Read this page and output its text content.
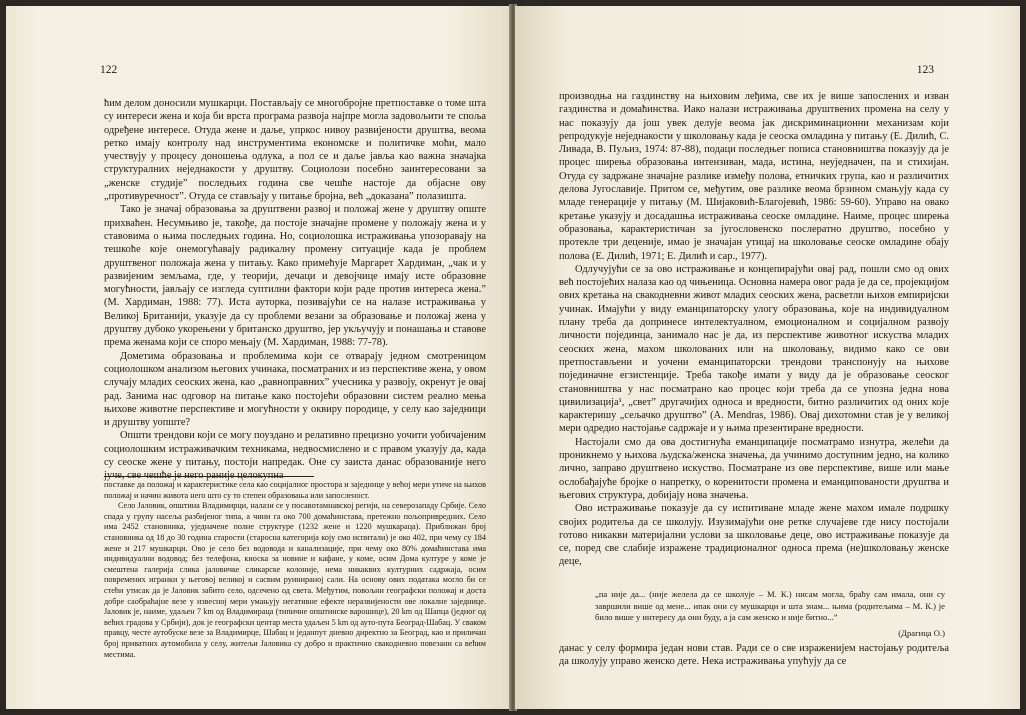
122

ћим делом доносили мушкарци. Постављају се многобројне претпоставке о томе шта су интереси жена и која би врста програма развоја најпре могла задовољити те споља одређене интересе. Отуда жене и даље, упркос нивоу развијености друштва, веома ретко имају контролу над инструментима економске и политичке моћи, мало учествују у процесу доношења одлука, а пол се и даље јавља као важна значајка структуралних неједнакости у друштву. Социолози посебно заинтересовани за „женске студије” последњих година све чешће настоје да објасне ову „противуречност”. Отуда се стављају у питање бројна, већ „доказана” полазишта.

Тако је значај образовања за друштвени развој и положај жене у друштву опште прихваћен. Несумњиво је, такође, да постоје значајне промене у положају жена и у ставовима о њима последњих година. Но, социолошка истраживања упозоравају на тешкоће које онемогућавају радикалну промену ситуације када је проблем друштвеног положаја жена у питању. Како примећује Маргарет Хардиман, „чак и у развијеним земљама, где, у теорији, дечаци и девојчице имају исте образовне могућности, јављају се изгледа суптилни фактори који раде против интереса жена.” (М. Хардиман, 1988: 77). Иста ауторка, позивајући се на налазе истраживања у Великој Британији, указује да су проблеми везани за образовање и положај жена у друштву дубоко укорењени у британско друштво, јер укључују и понашања и ставове према женама који се споро мењају (М. Хардиман, 1988: 77-78).

Дометима образовања и проблемима који се отварају једном смотреницом социолошком анализом његових учинака, посматраних и из перспективе жена, у овом случају младих сеоских жена, као „равноправних” учесника у развоју, окренут је овај рад. Занима нас одговор на питање како постојећи образовни систем реално мења њихове животне перспективе и могућности у оквиру породице, у селу као заједници и друштву уопште?

Општи трендови који се могу поуздано и релативно прецизно уочити уобичајеним социолошким истраживачким техникама, недвосмислено и с правом указују да, када су сеоске жене у питању, постоји напредак. Оне су заиста данас образованије него јуче, све чешће је него раније целокупна

поставке да положај и карактеристике села као социјалног простора и заједнице у већој мери утиче на њихов положај и начин живота него што су то степен образовања или запосленост.

Село Јаловик, општина Владимирци, налази се у посавотамнавској регији, на северозападу Србије. Село спада у групу насеља разбијеног типа, а чини га око 700 домаћинстава, претежно пољопривредних. Село има 2452 становника, уједначене полне структуре (1232 жене и 1220 мушкараца). Приближан број становника од 18 до 30 година старости (старосна категорија коју смо испитали) је око 402, при чему су 184 жене и 217 мушкарци. Ово је село без водовода и канализације, при чему око 80% домаћинстава има индивидуални водовод; без телефона, киоска за новине и кафане, у коме, осим Дома културе у коме је смештена галерија слика јаловичке сликарске колоније, нема никаквих културних садржаја, осим повремених игранки у његовој великој и сасвим руинираној сали. На основу ових података могло би се стећи утисак да је Јаловик забито село, одсечено од света. Међутим, повољни географски положај и доста добре саобраћајне везе у извесној мери умањују негативне ефекте неразвијености ове локалне заједнице. Јаловик је, наиме, удаљен 7 km од Владимираца (типичне општинске варошице), 20 km од Шапца (једног од већих градова у Србији), док је географски центар места удаљен 5 km од ауто-пута Београд-Шабац. У сваком правцу, честе аутобуске везе за Владимирце, Шабац и једанпут дневно директно за Београд, као и приличан број приватних аутомобила у селу, житељи Јаловика су добро и практично свакодневно повезани са већим местима.

123

производња на газдинству на њиховим леђима, све их је више запослених и изван газдинства и домаћинства. Иако налази истраживања друштвених промена на селу у нас показују да још увек делује веома јак дискриминационни механизам који репродукује неједнакости у школовању када је сеоска омладина у питању (Е. Дилић, С. Ливада, В. Пуљиз, 1974: 87-88), подаци последњег пописа становништва показују да је процес ширења образовања интензиван, мада, истина, неуједначен, па и стихијан. Отуда су задржане значајне разлике између полова, етничких група, као и различитих делова Југославије. Притом се, међутим, ове разлике веома брзином смањују када су младе генерације у питању (М. Шијаковић-Благојевић, 1986: 59-60). Управо на овако кретање указују и досадашња истраживања сеоске омладине. Наиме, процес ширења образовања, карактеристичан за југословенско послератно друштво, посебно у протекле три деценије, имао је значајан утицај на школовање сеоске омладине обају полова (Е. Дилић, 1971; Е. Дилић и сар., 1977).

Одлучујући се за ово истраживање и концепирајући овај рад, пошли смо од ових већ постојећих налаза као од чињеница. Основна намера овог рада је да се, пројекцијом ових кретања на свакодневни живот младих сеоских жена, расветли њихов емпиријски учинак. Имајући у виду еманципаторску улогу образовања, које на индивидуалном плану треба да допринесе интелектуалном, емоционалном и социјалном развоју личности појединца, занимало нас је да, из перспективе животног искуства младих сеоских жена, махом школованих или на школовању, видимо како се ови претпостављени и уочени еманципаторски трендови транспонују на њихове појединачне егзистенције. Треба такође имати у виду да је образовање сеоског становништва у нас посматрано као процес који треба да се упозна једна нова цивилизација¹, „свет” другачијих односа и вредности, битно различитих од оних које карактеришу „сељачко друштво” (A. Mendras, 1986). Овај дихотомни став је у великој мери одредио настојање садржаје и у њима презентиране вредности.

Настојали смо да ова достигнућа еманципације посматрамо изнутра, желећи да проникнемо у њихова људска/женска значења, да учинимо доступним једно, на колико лично, заправо друштвено искуство. Посматране из ове перспективе, више или мање ослобађајуће бројке о напретку, о коренитости промена и еманципованости друштва и његових структура, добијају нова значења.

Ово истраживање показује да су испитиване младе жене махом имале подршку својих родитеља да се школују. Изузимајући оне ретке случајеве где нису постојали готово никакви материјални услови за школовање деце, ово истраживање показује да се, поред све слабије изражене традиционалног односа према (не)школовању женске деце,

„па није да... (није желела да се школује – М. К.) нисам могла, браћу сам имала, они су завршили више од мене... ипак они су мушкарци и шта знам... њима (родитељима – М. К.) је било више у интересу да они буду, а ја сам женско и није битно...”
(Драгица О.)

данас у селу формира један нови став. Ради се о све израженијем настојању родитеља да школују управо женско дете. Нека истраживања упућују да се
